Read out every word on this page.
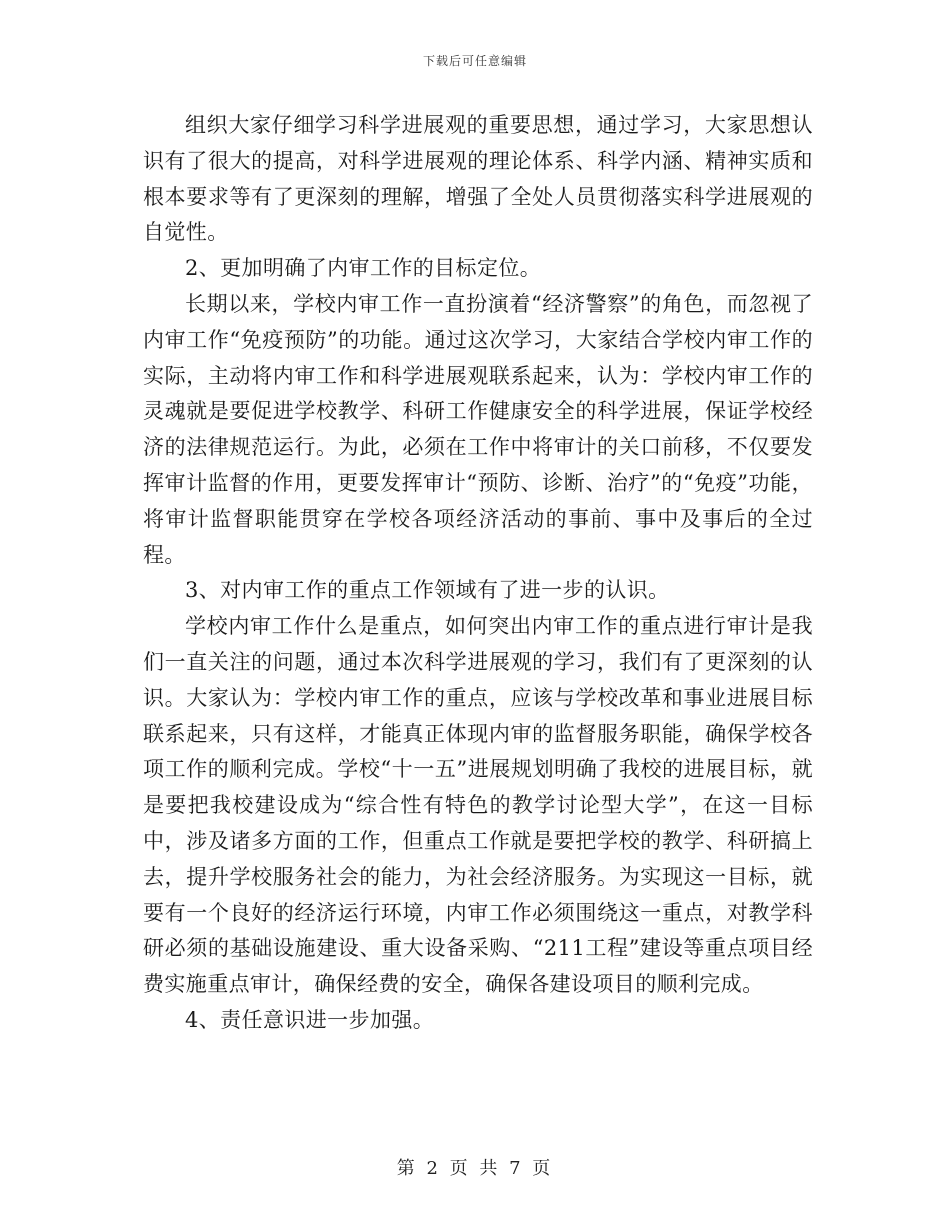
下载后可任意编辑

组织大家仔细学习科学进展观的重要思想，通过学习，大家思想认识有了很大的提高，对科学进展观的理论体系、科学内涵、精神实质和根本要求等有了更深刻的理解，增强了全处人员贯彻落实科学进展观的自觉性。

2、更加明确了内审工作的目标定位。

长期以来，学校内审工作一直扮演着“经济警察”的角色，而忽视了内审工作“免疫预防”的功能。通过这次学习，大家结合学校内审工作的实际，主动将内审工作和科学进展观联系起来，认为：学校内审工作的灵魂就是要促进学校教学、科研工作健康安全的科学进展，保证学校经济的法律规范运行。为此，必须在工作中将审计的关口前移，不仅要发挥审计监督的作用，更要发挥审计“预防、诊断、治疗”的“免疫”功能，将审计监督职能贯穿在学校各项经济活动的事前、事中及事后的全过程。

3、对内审工作的重点工作领域有了进一步的认识。

学校内审工作什么是重点，如何突出内审工作的重点进行审计是我们一直关注的问题，通过本次科学进展观的学习，我们有了更深刻的认识。大家认为：学校内审工作的重点，应该与学校改革和事业进展目标联系起来，只有这样，才能真正体现内审的监督服务职能，确保学校各项工作的顺利完成。学校“十一五”进展规划明确了我校的进展目标，就是要把我校建设成为“综合性有特色的教学讨论型大学”，在这一目标中，涉及诸多方面的工作，但重点工作就是要把学校的教学、科研搞上去，提升学校服务社会的能力，为社会经济服务。为实现这一目标，就要有一个良好的经济运行环境，内审工作必须围绕这一重点，对教学科研必须的基础设施建设、重大设备采购、“211工程”建设等重点项目经费实施重点审计，确保经费的安全，确保各建设项目的顺利完成。

4、责任意识进一步加强。

第 2 页 共 7 页
